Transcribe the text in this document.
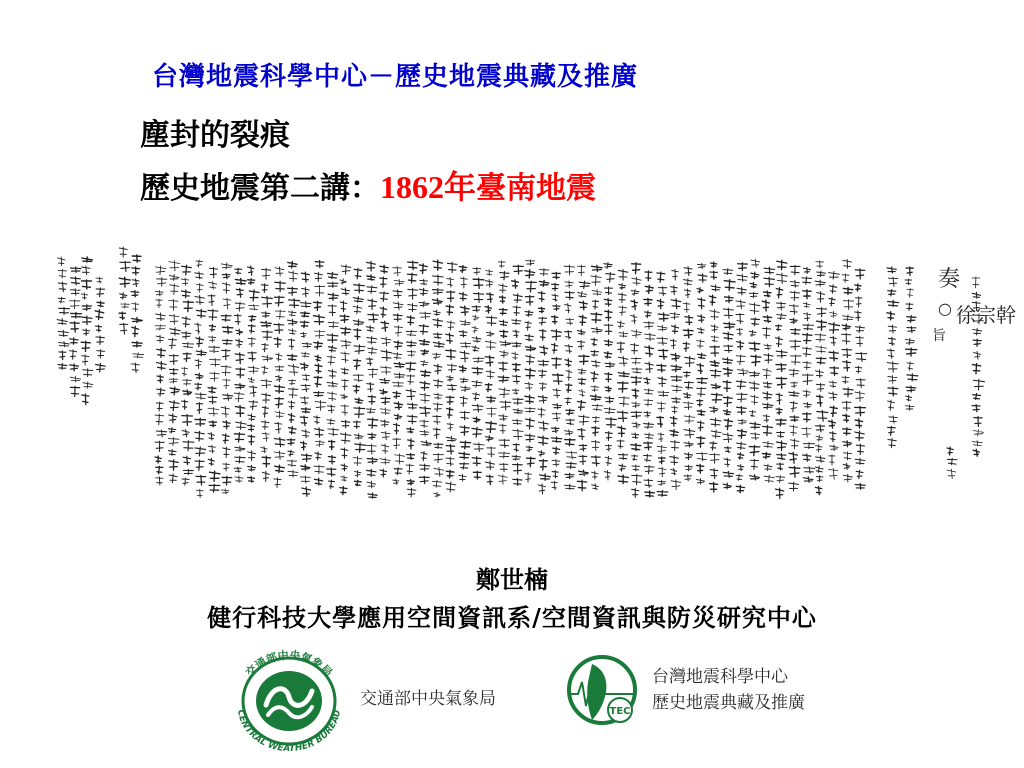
台灣地震科學中心－歷史地震典藏及推廣
塵封的裂痕
歷史地震第二講：1862年臺南地震
奏○旨徐宗幹
鄭世楠
健行科技大學應用空間資訊系/空間資訊與防災研究中心
交通部中央氣象局
CENTRAL WEATHER BUREAU
交通部中央氣象局
TEC
台灣地震科學中心
歷史地震典藏及推廣
